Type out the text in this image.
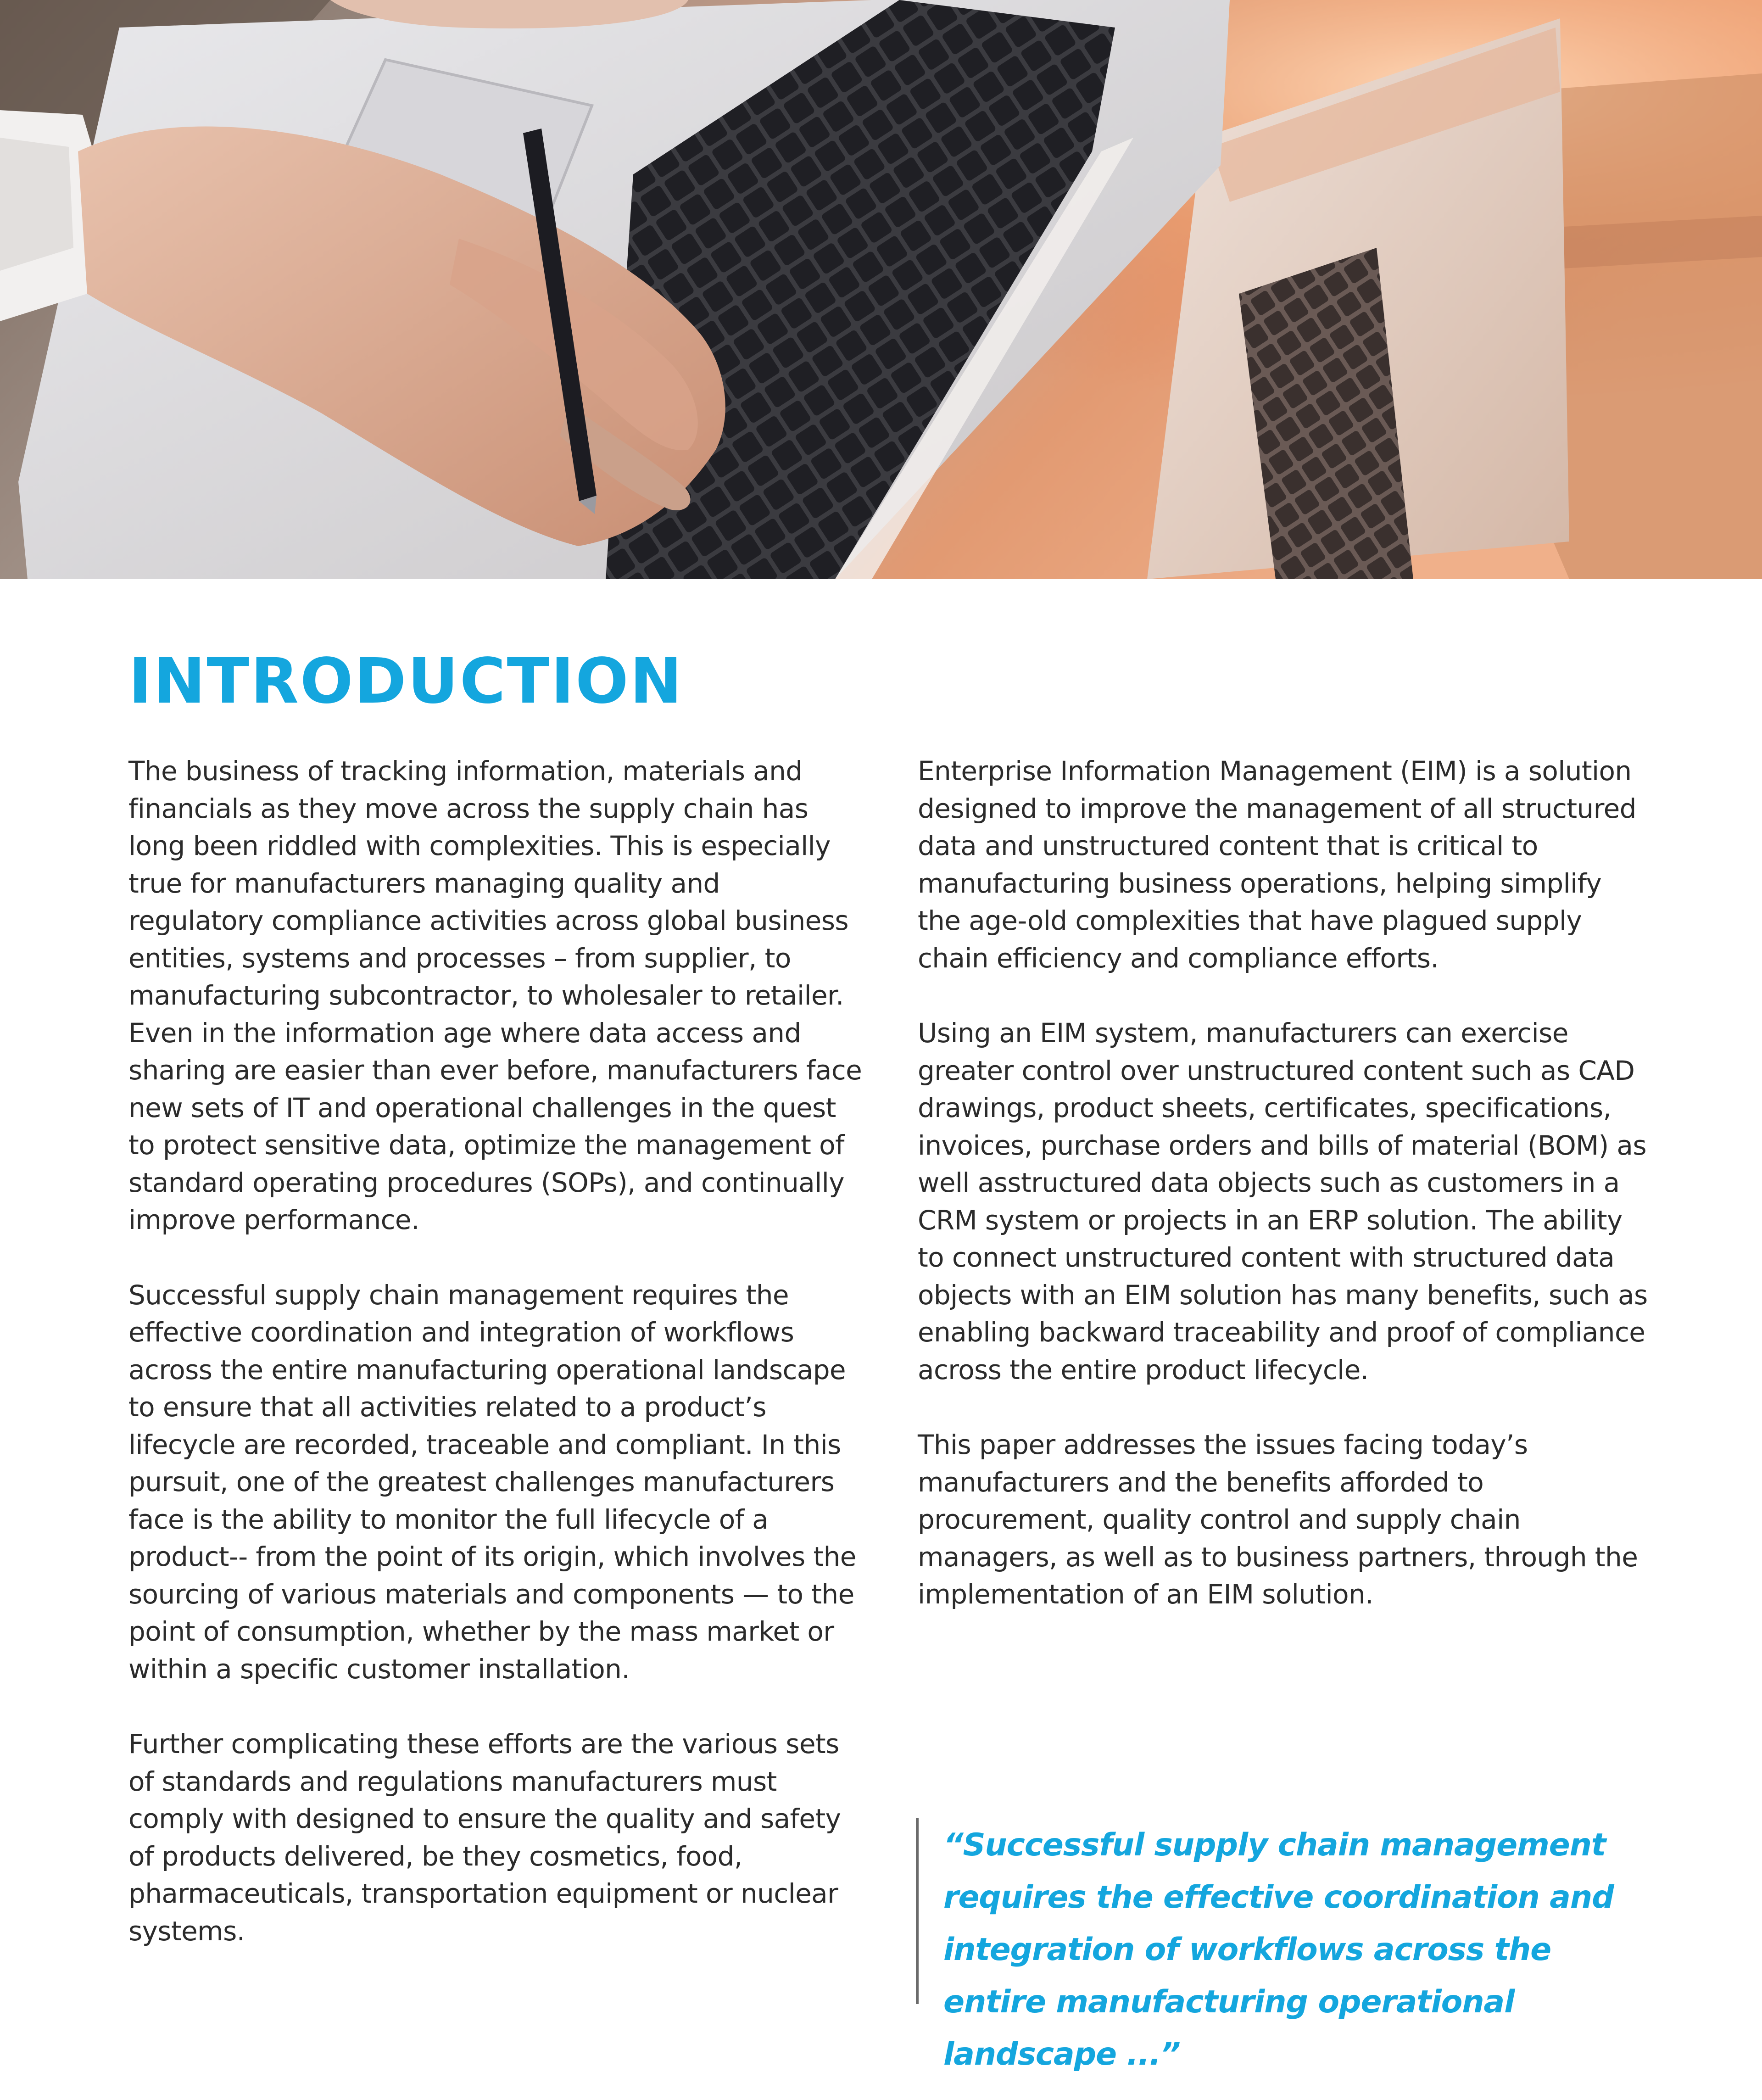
INTRODUCTION

The business of tracking information, materials and financials as they move across the supply chain has long been riddled with complexities. This is especially true for manufacturers managing quality and regulatory compliance activities across global business entities, systems and processes – from supplier, to manufacturing subcontractor, to wholesaler to retailer. Even in the information age where data access and sharing are easier than ever before, manufacturers face new sets of IT and operational challenges in the quest to protect sensitive data, optimize the management of standard operating procedures (SOPs), and continually improve performance.

Successful supply chain management requires the effective coordination and integration of workflows across the entire manufacturing operational landscape to ensure that all activities related to a product’s lifecycle are recorded, traceable and compliant. In this pursuit, one of the greatest challenges manufacturers face is the ability to monitor the full lifecycle of a product-- from the point of its origin, which involves the sourcing of various materials and components — to the point of consumption, whether by the mass market or within a specific customer installation.

Further complicating these efforts are the various sets of standards and regulations manufacturers must comply with designed to ensure the quality and safety of products delivered, be they cosmetics, food, pharmaceuticals, transportation equipment or nuclear systems.

Enterprise Information Management (EIM) is a solution designed to improve the management of all structured data and unstructured content that is critical to manufacturing business operations, helping simplify the age-old complexities that have plagued supply chain efficiency and compliance efforts.

Using an EIM system, manufacturers can exercise greater control over unstructured content such as CAD drawings, product sheets, certificates, specifications, invoices, purchase orders and bills of material (BOM) as well asstructured data objects such as customers in a CRM system or projects in an ERP solution. The ability to connect unstructured content with structured data objects with an EIM solution has many benefits, such as enabling backward traceability and proof of compliance across the entire product lifecycle.

This paper addresses the issues facing today’s manufacturers and the benefits afforded to procurement, quality control and supply chain managers, as well as to business partners, through the implementation of an EIM solution.

“Successful supply chain management requires the effective coordination and integration of workflows across the entire manufacturing operational landscape ...”
